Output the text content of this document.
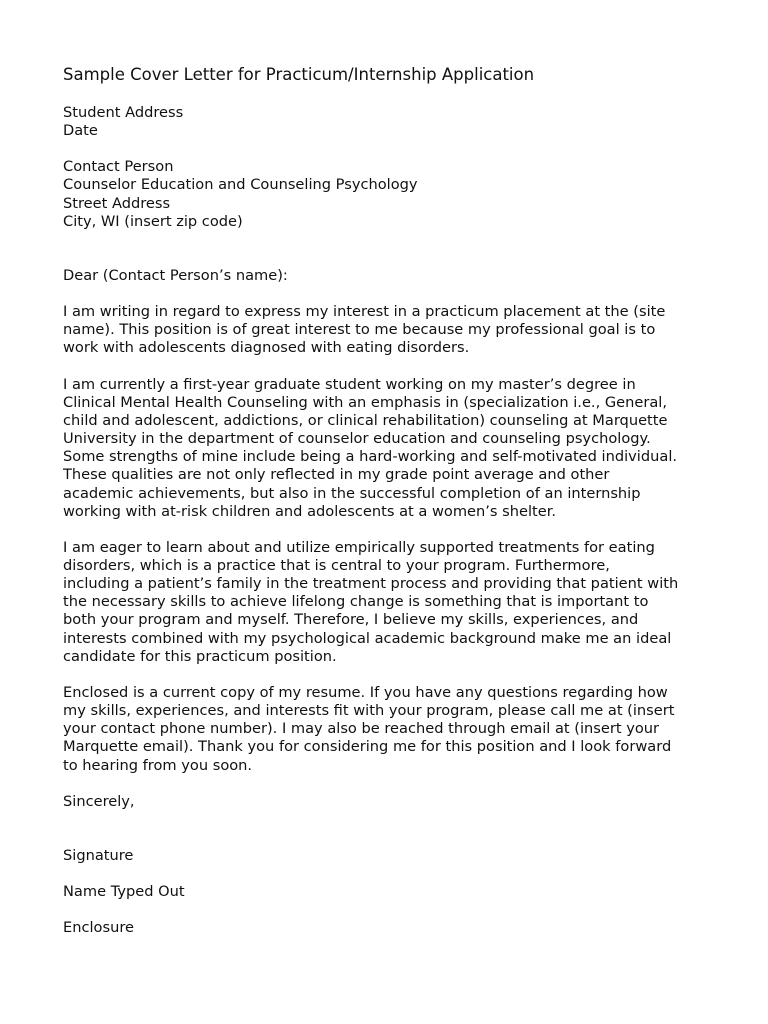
Sample Cover Letter for Practicum/Internship Application
Student Address
Date
Contact Person
Counselor Education and Counseling Psychology
Street Address
City, WI (insert zip code)
Dear (Contact Person’s name):
I am writing in regard to express my interest in a practicum placement at the (site
name). This position is of great interest to me because my professional goal is to
work with adolescents diagnosed with eating disorders.
I am currently a first-year graduate student working on my master’s degree in
Clinical Mental Health Counseling with an emphasis in (specialization i.e., General,
child and adolescent, addictions, or clinical rehabilitation) counseling at Marquette
University in the department of counselor education and counseling psychology.
Some strengths of mine include being a hard-working and self-motivated individual.
These qualities are not only reflected in my grade point average and other
academic achievements, but also in the successful completion of an internship
working with at-risk children and adolescents at a women’s shelter.
I am eager to learn about and utilize empirically supported treatments for eating
disorders, which is a practice that is central to your program. Furthermore,
including a patient’s family in the treatment process and providing that patient with
the necessary skills to achieve lifelong change is something that is important to
both your program and myself. Therefore, I believe my skills, experiences, and
interests combined with my psychological academic background make me an ideal
candidate for this practicum position.
Enclosed is a current copy of my resume. If you have any questions regarding how
my skills, experiences, and interests fit with your program, please call me at (insert
your contact phone number). I may also be reached through email at (insert your
Marquette email). Thank you for considering me for this position and I look forward
to hearing from you soon.
Sincerely,
Signature
Name Typed Out
Enclosure
